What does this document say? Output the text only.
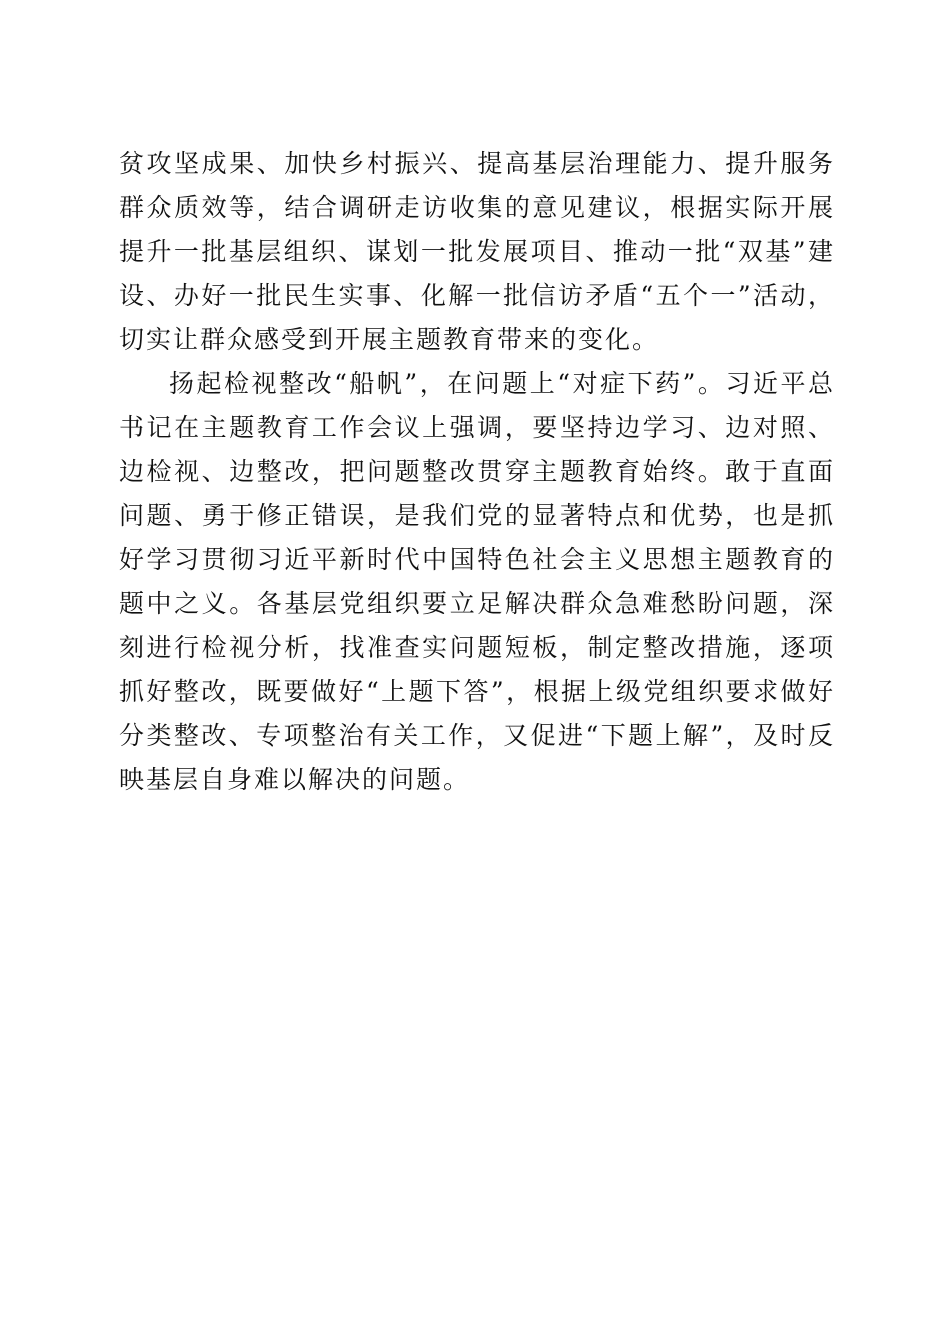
贫攻坚成果、加快乡村振兴、提高基层治理能力、提升服务群众质效等，结合调研走访收集的意见建议，根据实际开展提升一批基层组织、谋划一批发展项目、推动一批“双基”建设、办好一批民生实事、化解一批信访矛盾“五个一”活动，切实让群众感受到开展主题教育带来的变化。

扬起检视整改“船帆”，在问题上“对症下药”。习近平总书记在主题教育工作会议上强调，要坚持边学习、边对照、边检视、边整改，把问题整改贯穿主题教育始终。敢于直面问题、勇于修正错误，是我们党的显著特点和优势，也是抓好学习贯彻习近平新时代中国特色社会主义思想主题教育的题中之义。各基层党组织要立足解决群众急难愁盼问题，深刻进行检视分析，找准查实问题短板，制定整改措施，逐项抓好整改，既要做好“上题下答”，根据上级党组织要求做好分类整改、专项整治有关工作，又促进“下题上解”，及时反映基层自身难以解决的问题。
